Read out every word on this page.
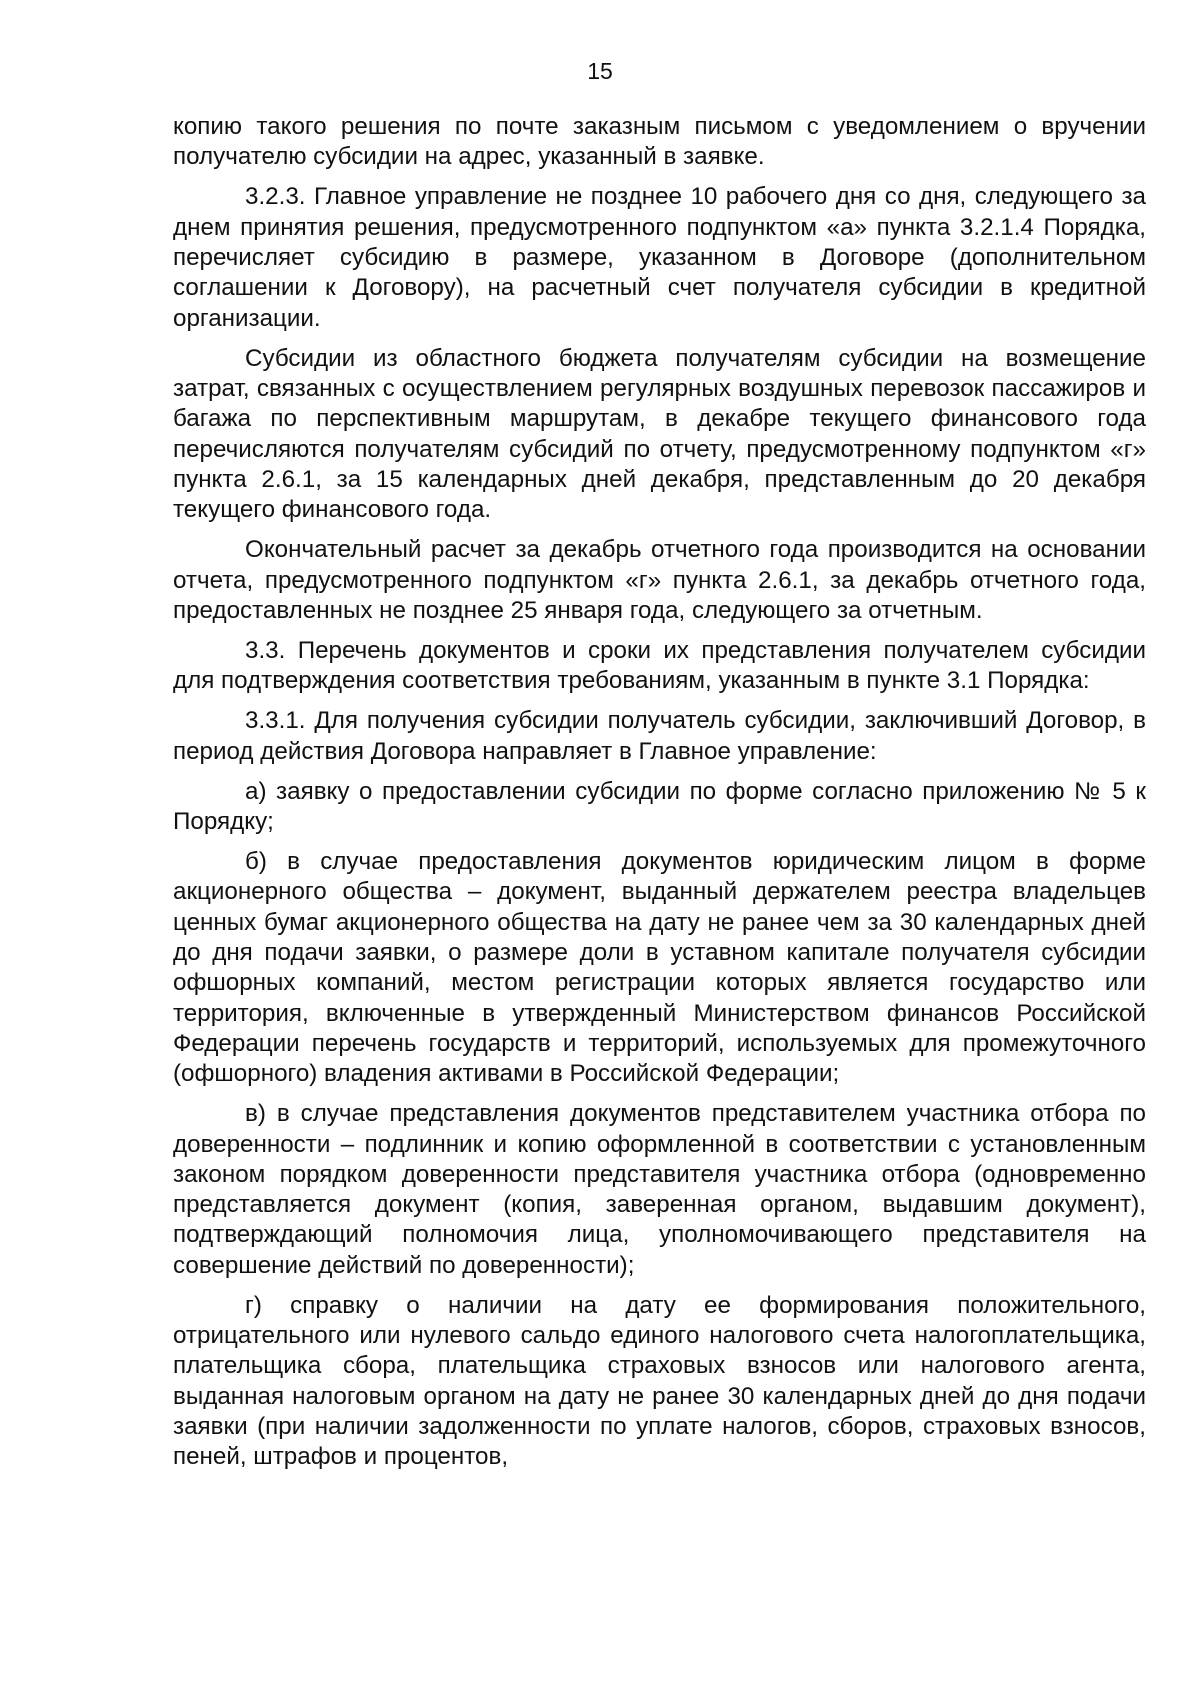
15

копию такого решения по почте заказным письмом с уведомлением о вручении получателю субсидии на адрес, указанный в заявке.

3.2.3. Главное управление не позднее 10 рабочего дня со дня, следующего за днем принятия решения, предусмотренного подпунктом «а» пункта 3.2.1.4 Порядка, перечисляет субсидию в размере, указанном в Договоре (дополнительном соглашении к Договору), на расчетный счет получателя субсидии в кредитной организации.

Субсидии из областного бюджета получателям субсидии на возмещение затрат, связанных с осуществлением регулярных воздушных перевозок пассажиров и багажа по перспективным маршрутам, в декабре текущего финансового года перечисляются получателям субсидий по отчету, предусмотренному подпунктом «г» пункта 2.6.1, за 15 календарных дней декабря, представленным до 20 декабря текущего финансового года.

Окончательный расчет за декабрь отчетного года производится на основании отчета, предусмотренного подпунктом «г» пункта 2.6.1, за декабрь отчетного года, предоставленных не позднее 25 января года, следующего за отчетным.

3.3. Перечень документов и сроки их представления получателем субсидии для подтверждения соответствия требованиям, указанным в пункте 3.1 Порядка:

3.3.1. Для получения субсидии получатель субсидии, заключивший Договор, в период действия Договора направляет в Главное управление:

а) заявку о предоставлении субсидии по форме согласно приложению № 5 к Порядку;

б) в случае предоставления документов юридическим лицом в форме акционерного общества – документ, выданный держателем реестра владельцев ценных бумаг акционерного общества на дату не ранее чем за 30 календарных дней до дня подачи заявки, о размере доли в уставном капитале получателя субсидии офшорных компаний, местом регистрации которых является государство или территория, включенные в утвержденный Министерством финансов Российской Федерации перечень государств и территорий, используемых для промежуточного (офшорного) владения активами в Российской Федерации;

в) в случае представления документов представителем участника отбора по доверенности – подлинник и копию оформленной в соответствии с установленным законом порядком доверенности представителя участника отбора (одновременно представляется документ (копия, заверенная органом, выдавшим документ), подтверждающий полномочия лица, уполномочивающего представителя на совершение действий по доверенности);

г) справку о наличии на дату ее формирования положительного, отрицательного или нулевого сальдо единого налогового счета налогоплательщика, плательщика сбора, плательщика страховых взносов или налогового агента, выданная налоговым органом на дату не ранее 30 календарных дней до дня подачи заявки (при наличии задолженности по уплате налогов, сборов, страховых взносов, пеней, штрафов и процентов,
